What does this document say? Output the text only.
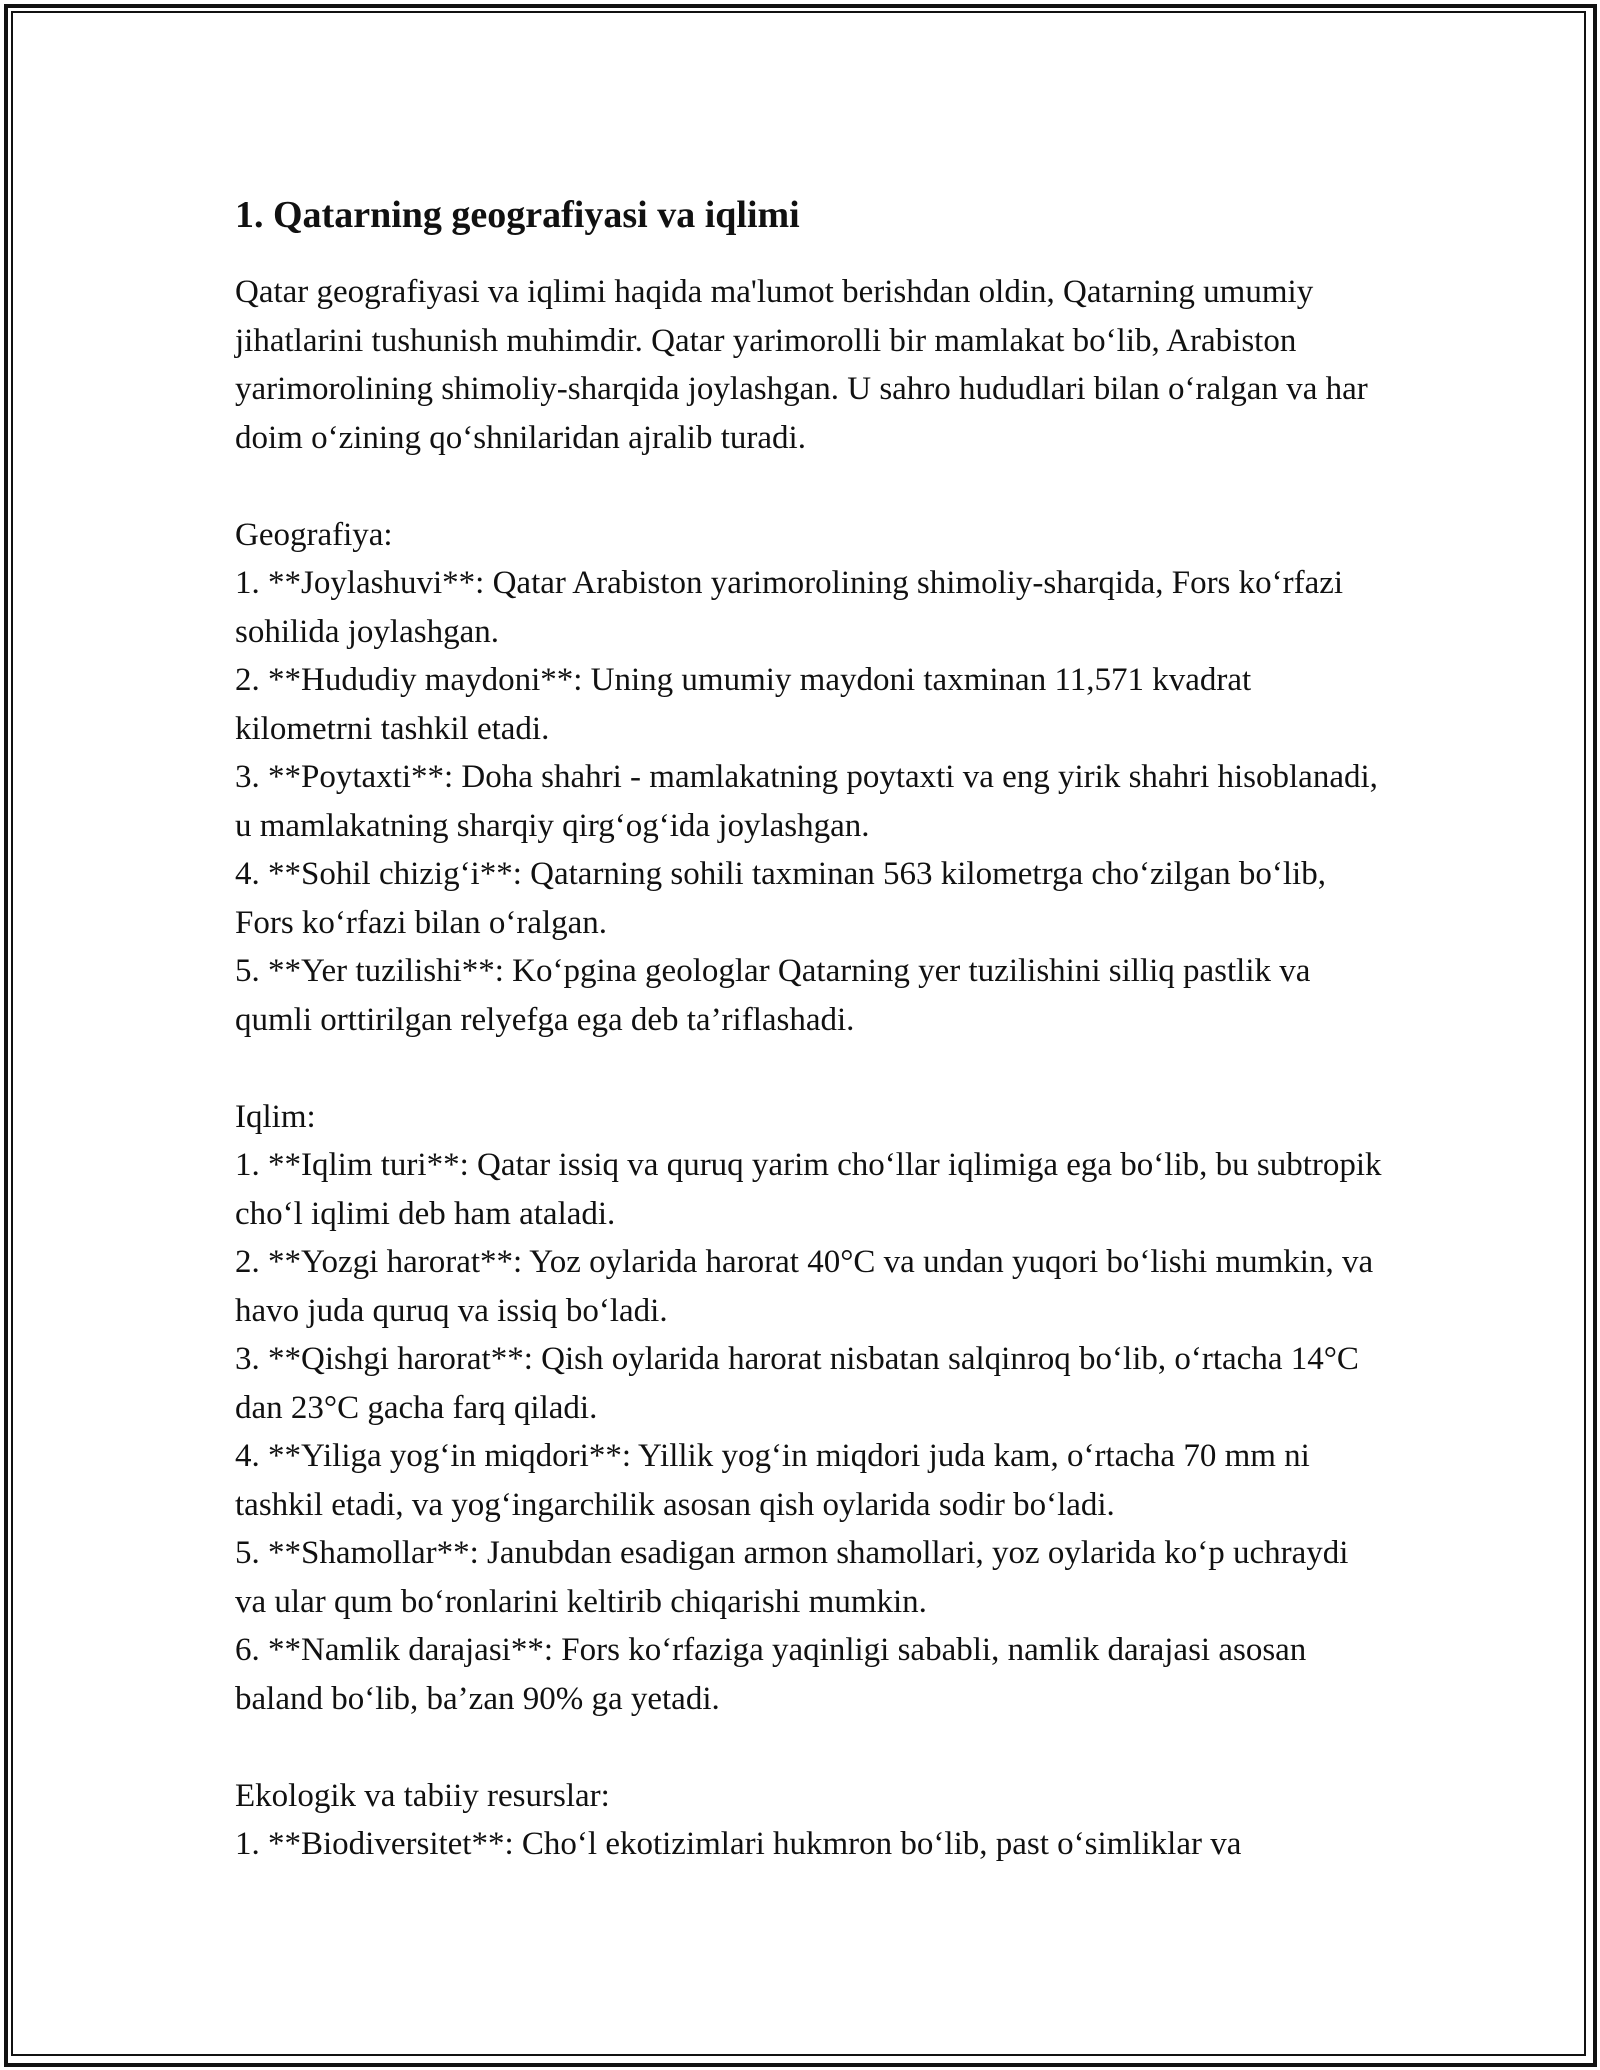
1. Qatarning geografiyasi va iqlimi

Qatar geografiyasi va iqlimi haqida ma'lumot berishdan oldin, Qatarning umumiy jihatlarini tushunish muhimdir. Qatar yarimorolli bir mamlakat bo‘lib, Arabiston yarimorolining shimoliy-sharqida joylashgan. U sahro hududlari bilan o‘ralgan va har doim o‘zining qo‘shnilaridan ajralib turadi.

Geografiya:

1. **Joylashuvi**: Qatar Arabiston yarimorolining shimoliy-sharqida, Fors ko‘rfazi sohilida joylashgan.

2. **Hududiy maydoni**: Uning umumiy maydoni taxminan 11,571 kvadrat kilometrni tashkil etadi.

3. **Poytaxti**: Doha shahri - mamlakatning poytaxti va eng yirik shahri hisoblanadi, u mamlakatning sharqiy qirg‘og‘ida joylashgan.

4. **Sohil chizig‘i**: Qatarning sohili taxminan 563 kilometrga cho‘zilgan bo‘lib, Fors ko‘rfazi bilan o‘ralgan.

5. **Yer tuzilishi**: Ko‘pgina geologlar Qatarning yer tuzilishini silliq pastlik va qumli orttirilgan relyefga ega deb ta’riflashadi.

Iqlim:

1. **Iqlim turi**: Qatar issiq va quruq yarim cho‘llar iqlimiga ega bo‘lib, bu subtropik cho‘l iqlimi deb ham ataladi.

2. **Yozgi harorat**: Yoz oylarida harorat 40°C va undan yuqori bo‘lishi mumkin, va havo juda quruq va issiq bo‘ladi.

3. **Qishgi harorat**: Qish oylarida harorat nisbatan salqinroq bo‘lib, o‘rtacha 14°C dan 23°C gacha farq qiladi.

4. **Yiliga yog‘in miqdori**: Yillik yog‘in miqdori juda kam, o‘rtacha 70 mm ni tashkil etadi, va yog‘ingarchilik asosan qish oylarida sodir bo‘ladi.

5. **Shamollar**: Janubdan esadigan armon shamollari, yoz oylarida ko‘p uchraydi va ular qum bo‘ronlarini keltirib chiqarishi mumkin.

6. **Namlik darajasi**: Fors ko‘rfaziga yaqinligi sababli, namlik darajasi asosan baland bo‘lib, ba’zan 90% ga yetadi.

Ekologik va tabiiy resurslar:

1. **Biodiversitet**: Cho‘l ekotizimlari hukmron bo‘lib, past o‘simliklar va
